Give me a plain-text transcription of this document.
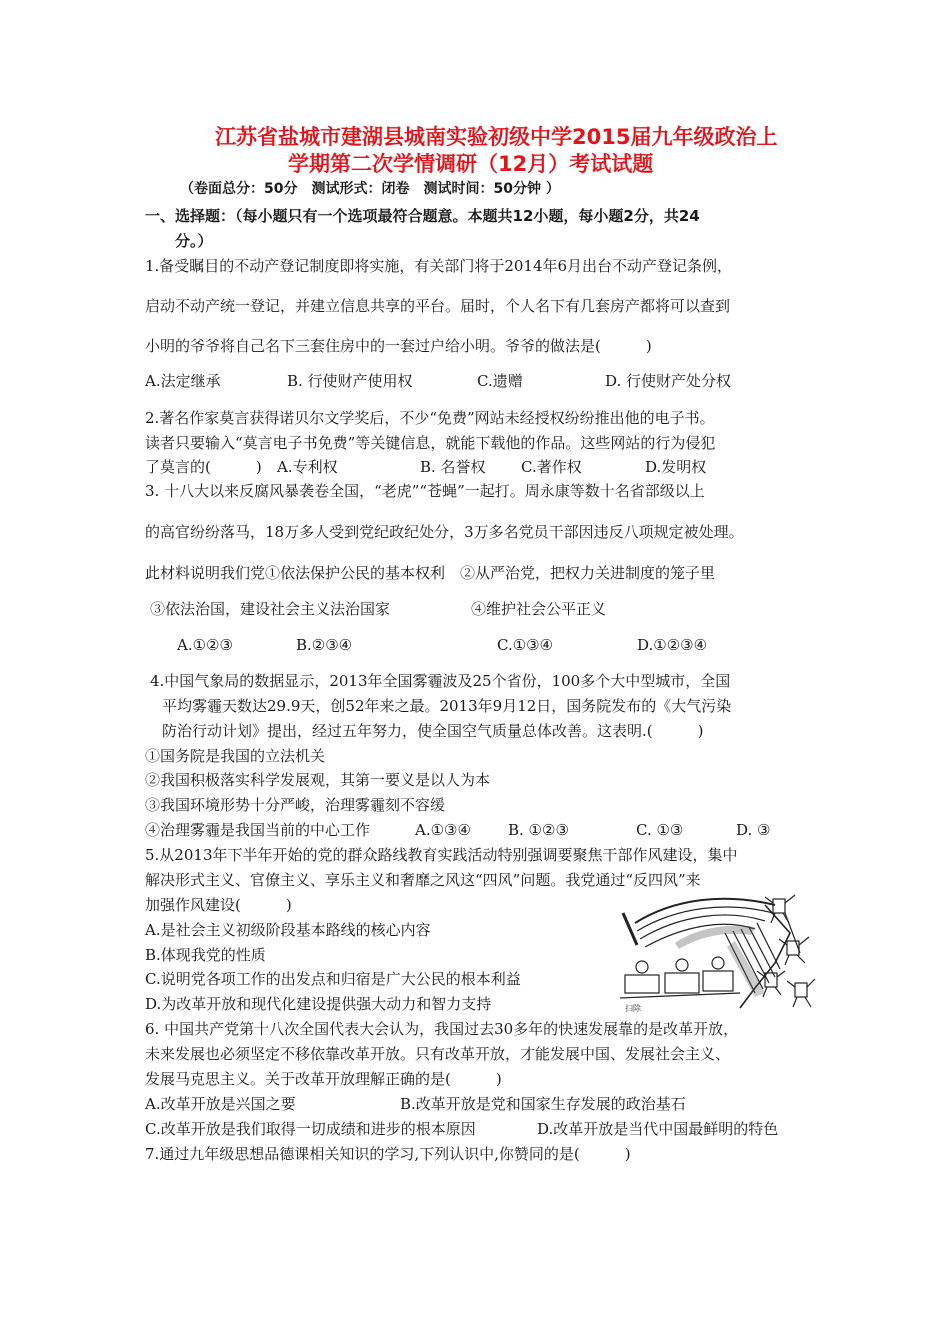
江苏省盐城市建湖县城南实验初级中学2015届九年级政治上
学期第二次学情调研（12月）考试试题
（卷面总分：50分　测试形式：闭卷　测试时间：50分钟 ）
一、选择题：（每小题只有一个选项最符合题意。本题共12小题，每小题2分，共24
分。）
1.备受瞩目的不动产登记制度即将实施，有关部门将于2014年6月出台不动产登记条例，
启动不动产统一登记，并建立信息共享的平台。届时，个人名下有几套房产都将可以查到
小明的爷爷将自己名下三套住房中的一套过户给小明。爷爷的做法是(　　　)
A.法定继承	B. 行使财产使用权	C.遗赠	D. 行使财产处分权
2.著名作家莫言获得诺贝尔文学奖后，不少“免费”网站未经授权纷纷推出他的电子书。
读者只要输入“莫言电子书免费”等关键信息，就能下载他的作品。这些网站的行为侵犯
了莫言的(　　　) A.专利权	B. 名誉权 C.著作权	D.发明权
3. 十八大以来反腐风暴袭卷全国，“老虎”“苍蝇”一起打。周永康等数十名省部级以上
的高官纷纷落马，18万多人受到党纪政纪处分，3万多名党员干部因违反八项规定被处理。
此材料说明我们党①依法保护公民的基本权利　②从严治党，把权力关进制度的笼子里
③依法治国，建设社会主义法治国家	④维护社会公平正义
A.①②③	B.②③④	C.①③④	D.①②③④
4.中国气象局的数据显示，2013年全国雾霾波及25个省份，100多个大中型城市，全国
平均雾霾天数达29.9天，创52年来之最。2013年9月12日，国务院发布的《大气污染
防治行动计划》提出，经过五年努力，使全国空气质量总体改善。这表明.(　　　)
①国务院是我国的立法机关
②我国积极落实科学发展观，其第一要义是以人为本
③我国环境形势十分严峻，治理雾霾刻不容缓
④治理雾霾是我国当前的中心工作	A.①③④ B. ①②③	C. ①③	D. ③
5.从2013年下半年开始的党的群众路线教育实践活动特别强调要聚焦干部作风建设，集中
解决形式主义、官僚主义、享乐主义和奢靡之风这“四风”问题。我党通过“反四风”来
加强作风建设(　　　)
A.是社会主义初级阶段基本路线的核心内容
B.体现我党的性质
C.说明党各项工作的出发点和归宿是广大公民的根本利益
D.为改革开放和现代化建设提供强大动力和智力支持	扫除
6. 中国共产党第十八次全国代表大会认为，我国过去30多年的快速发展靠的是改革开放，
未来发展也必须坚定不移依靠改革开放。只有改革开放，才能发展中国、发展社会主义、
发展马克思主义。关于改革开放理解正确的是(　　　)
A.改革开放是兴国之要	B.改革开放是党和国家生存发展的政治基石
C.改革开放是我们取得一切成绩和进步的根本原因	D.改革开放是当代中国最鲜明的特色
7.通过九年级思想品德课相关知识的学习,下列认识中,你赞同的是(　　　)
